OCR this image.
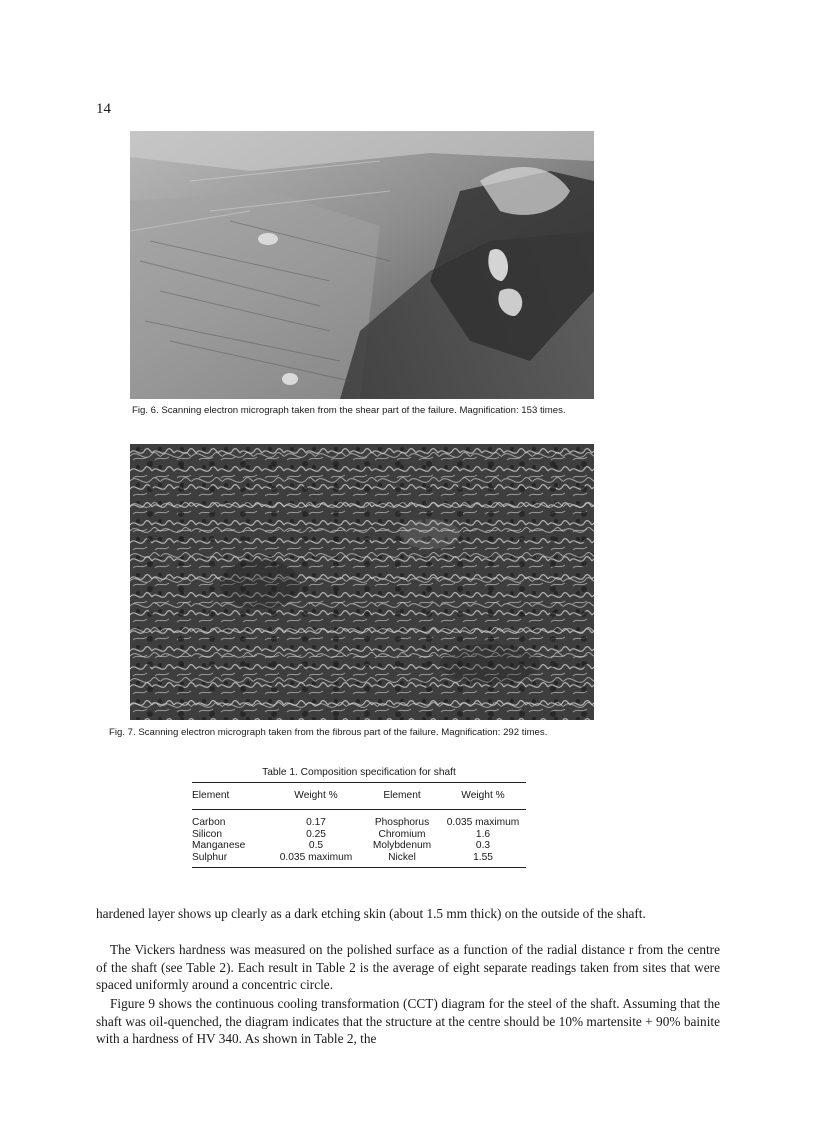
14
Fig. 6. Scanning electron micrograph taken from the shear part of the failure. Magnification: 153 times.
Fig. 7. Scanning electron micrograph taken from the fibrous part of the failure. Magnification: 292 times.
Table 1. Composition specification for shaft
Element	Weight %	Element	Weight %
Carbon	0.17	Phosphorus	0.035 maximum
Silicon	0.25	Chromium	1.6
Manganese	0.5	Molybdenum	0.3
Sulphur	0.035 maximum	Nickel	1.55

hardened layer shows up clearly as a dark etching skin (about 1.5 mm thick) on the outside of the shaft.

The Vickers hardness was measured on the polished surface as a function of the radial distance r from the centre of the shaft (see Table 2). Each result in Table 2 is the average of eight separate readings taken from sites that were spaced uniformly around a concentric circle.

Figure 9 shows the continuous cooling transformation (CCT) diagram for the steel of the shaft. Assuming that the shaft was oil-quenched, the diagram indicates that the structure at the centre should be 10% martensite + 90% bainite with a hardness of HV 340. As shown in Table 2, the
